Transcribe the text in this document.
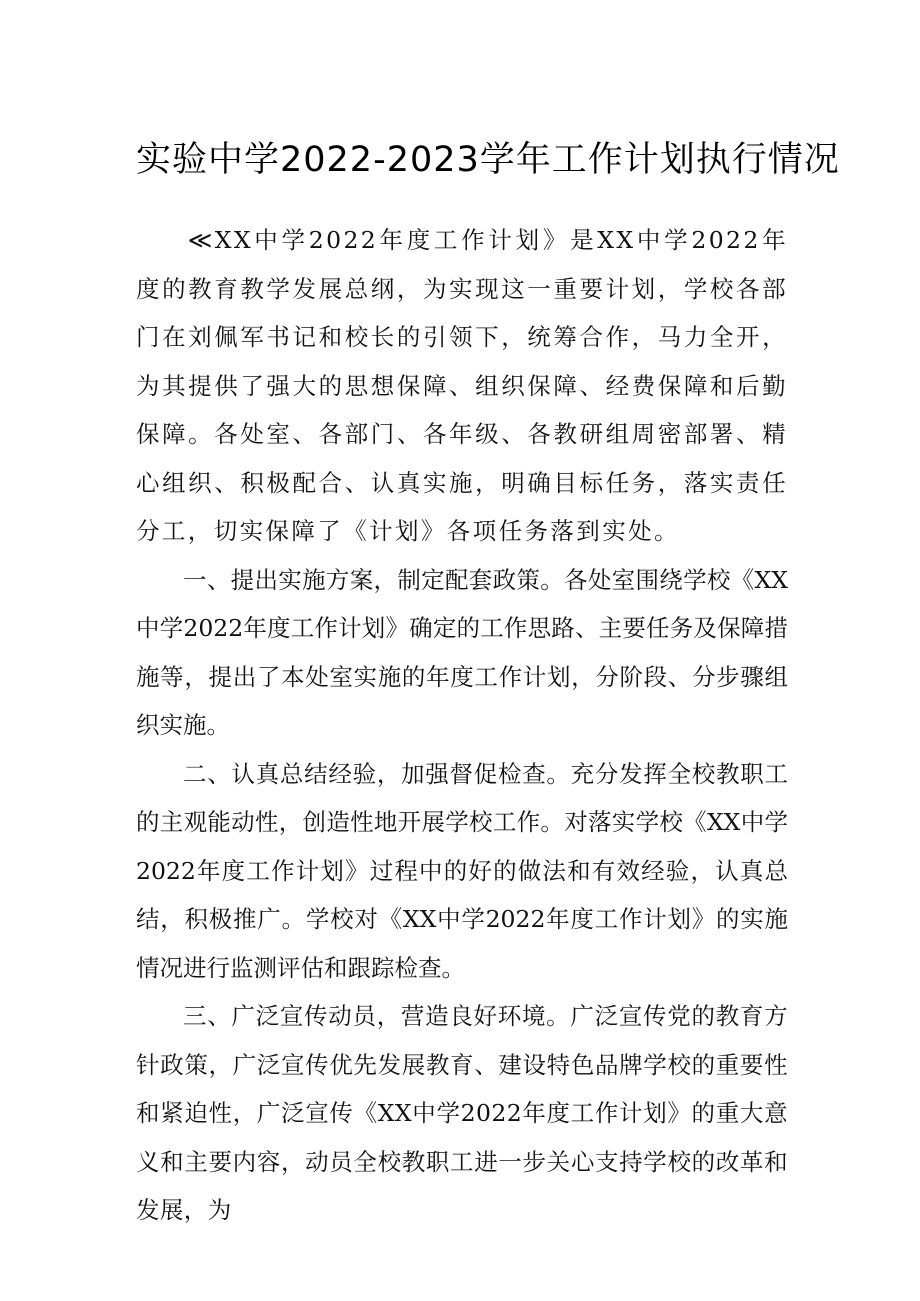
实验中学2022-2023学年工作计划执行情况

≪XX中学2022年度工作计划》是XX中学2022年度的教育教学发展总纲，为实现这一重要计划，学校各部门在刘佩军书记和校长的引领下，统筹合作，马力全开，为其提供了强大的思想保障、组织保障、经费保障和后勤保障。各处室、各部门、各年级、各教研组周密部署、精心组织、积极配合、认真实施，明确目标任务，落实责任分工，切实保障了《计划》各项任务落到实处。

一、提出实施方案，制定配套政策。各处室围绕学校《XX中学2022年度工作计划》确定的工作思路、主要任务及保障措施等，提出了本处室实施的年度工作计划，分阶段、分步骤组织实施。

二、认真总结经验，加强督促检查。充分发挥全校教职工的主观能动性，创造性地开展学校工作。对落实学校《XX中学2022年度工作计划》过程中的好的做法和有效经验，认真总结，积极推广。学校对《XX中学2022年度工作计划》的实施情况进行监测评估和跟踪检查。

三、广泛宣传动员，营造良好环境。广泛宣传党的教育方针政策，广泛宣传优先发展教育、建设特色品牌学校的重要性和紧迫性，广泛宣传《XX中学2022年度工作计划》的重大意义和主要内容，动员全校教职工进一步关心支持学校的改革和发展，为
